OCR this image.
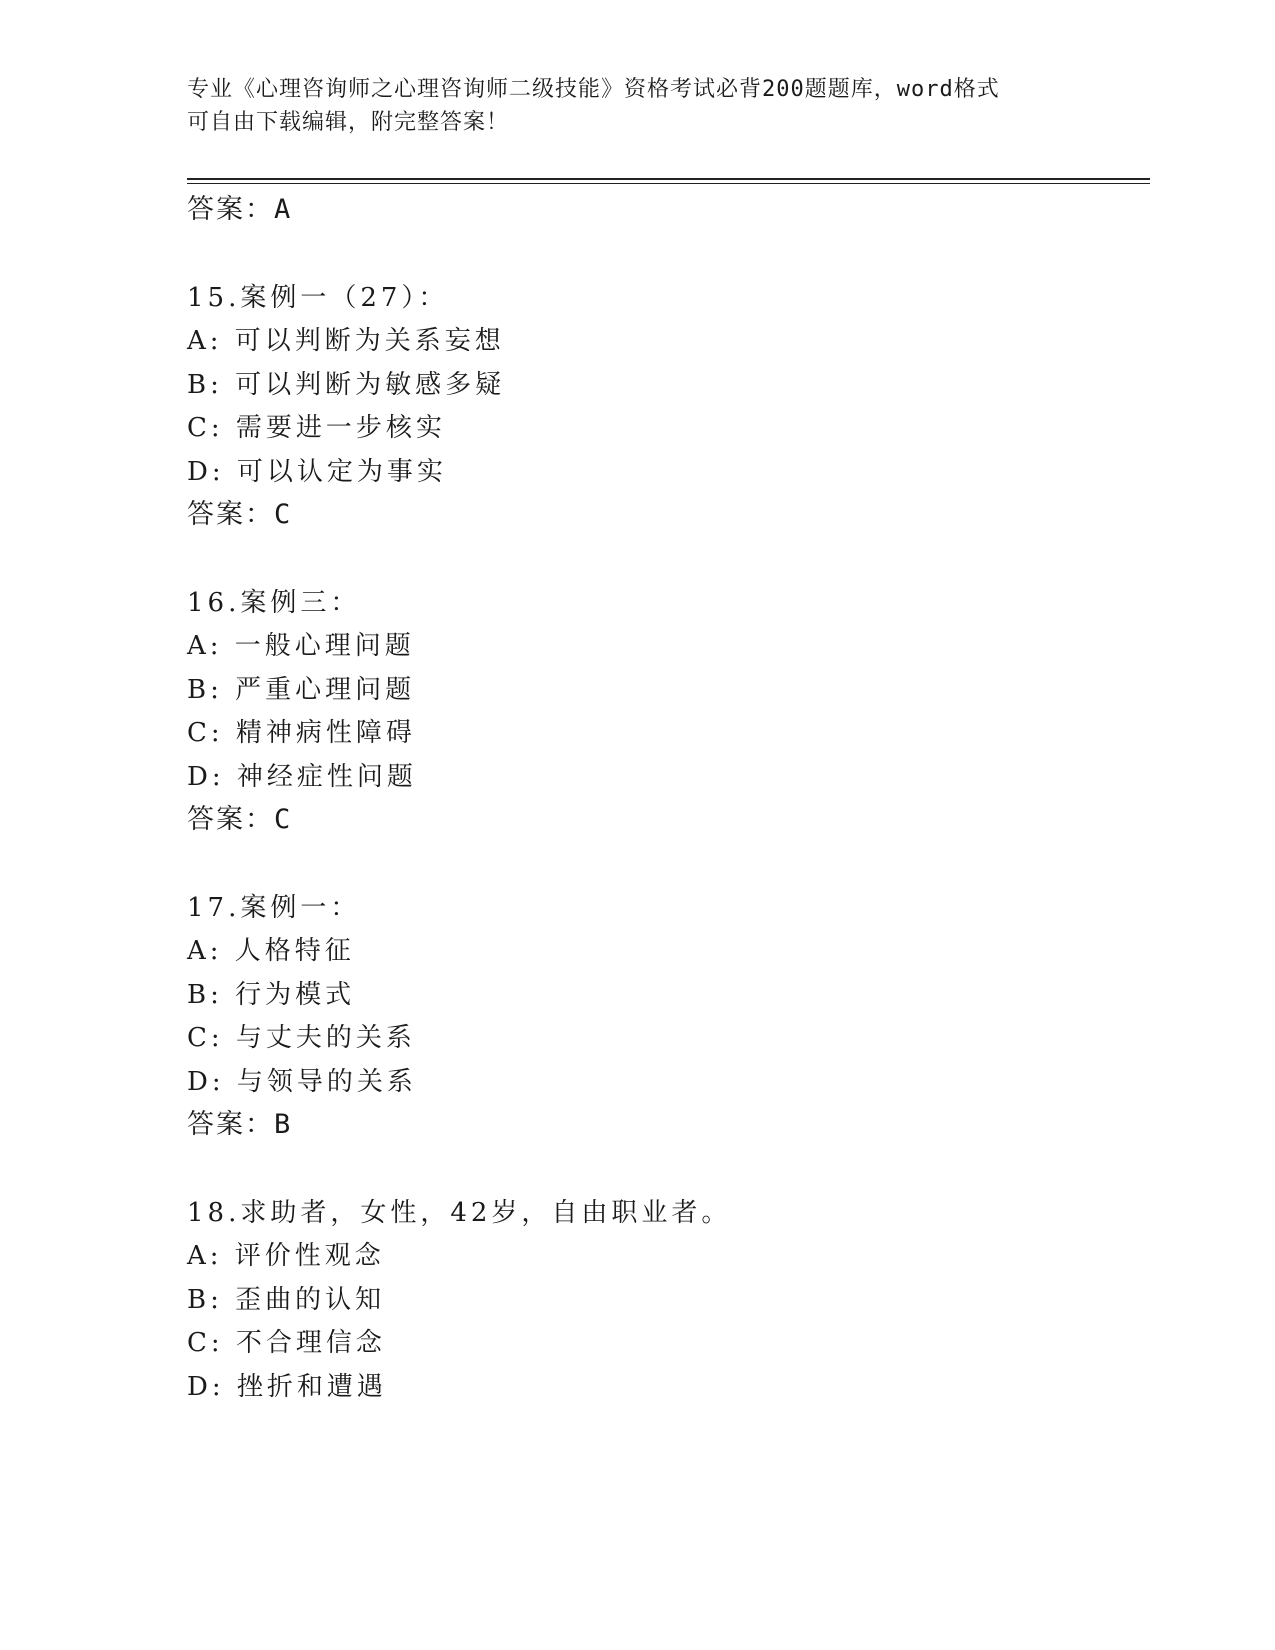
专业《心理咨询师之心理咨询师二级技能》资格考试必背200题题库，word格式
可自由下载编辑，附完整答案！
答案：A
15.案例一（27）：
A: 可以判断为关系妄想
B: 可以判断为敏感多疑
C: 需要进一步核实
D: 可以认定为事实
答案：C
16.案例三：
A: 一般心理问题
B: 严重心理问题
C: 精神病性障碍
D: 神经症性问题
答案：C
17.案例一：
A: 人格特征
B: 行为模式
C: 与丈夫的关系
D: 与领导的关系
答案：B
18.求助者，女性，42岁，自由职业者。
A: 评价性观念
B: 歪曲的认知
C: 不合理信念
D: 挫折和遭遇
